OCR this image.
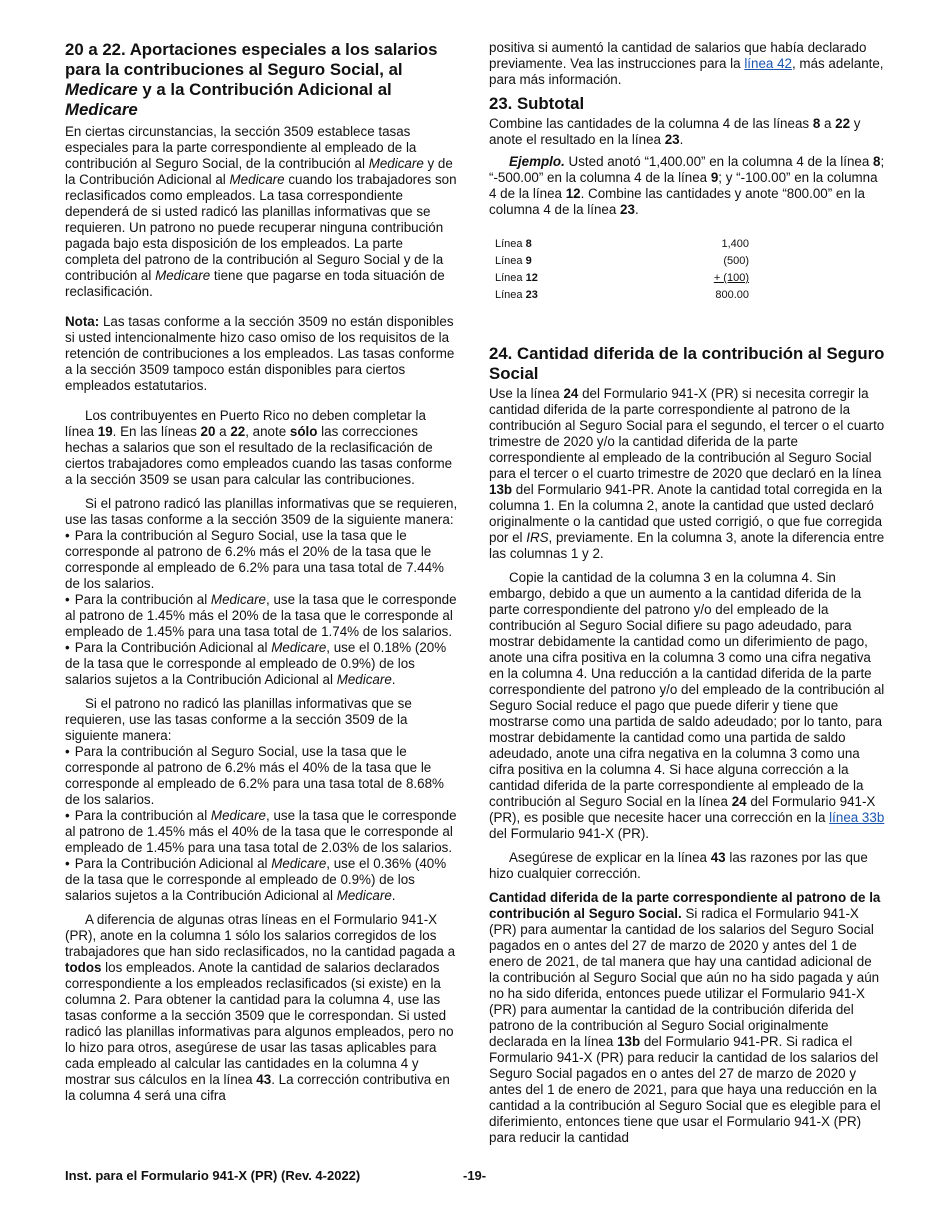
20 a 22. Aportaciones especiales a los salarios para la contribuciones al Seguro Social, al Medicare y a la Contribución Adicional al Medicare

En ciertas circunstancias, la sección 3509 establece tasas especiales para la parte correspondiente al empleado de la contribución al Seguro Social, de la contribución al Medicare y de la Contribución Adicional al Medicare cuando los trabajadores son reclasificados como empleados. La tasa correspondiente dependerá de si usted radicó las planillas informativas que se requieren. Un patrono no puede recuperar ninguna contribución pagada bajo esta disposición de los empleados. La parte completa del patrono de la contribución al Seguro Social y de la contribución al Medicare tiene que pagarse en toda situación de reclasificación.

Nota: Las tasas conforme a la sección 3509 no están disponibles si usted intencionalmente hizo caso omiso de los requisitos de la retención de contribuciones a los empleados. Las tasas conforme a la sección 3509 tampoco están disponibles para ciertos empleados estatutarios.

Los contribuyentes en Puerto Rico no deben completar la línea 19. En las líneas 20 a 22, anote sólo las correcciones hechas a salarios que son el resultado de la reclasificación de ciertos trabajadores como empleados cuando las tasas conforme a la sección 3509 se usan para calcular las contribuciones.

Si el patrono radicó las planillas informativas que se requieren, use las tasas conforme a la sección 3509 de la siguiente manera:

• Para la contribución al Seguro Social, use la tasa que le corresponde al patrono de 6.2% más el 20% de la tasa que le corresponde al empleado de 6.2% para una tasa total de 7.44% de los salarios.

• Para la contribución al Medicare, use la tasa que le corresponde al patrono de 1.45% más el 20% de la tasa que le corresponde al empleado de 1.45% para una tasa total de 1.74% de los salarios.

• Para la Contribución Adicional al Medicare, use el 0.18% (20% de la tasa que le corresponde al empleado de 0.9%) de los salarios sujetos a la Contribución Adicional al Medicare.

Si el patrono no radicó las planillas informativas que se requieren, use las tasas conforme a la sección 3509 de la siguiente manera:

• Para la contribución al Seguro Social, use la tasa que le corresponde al patrono de 6.2% más el 40% de la tasa que le corresponde al empleado de 6.2% para una tasa total de 8.68% de los salarios.

• Para la contribución al Medicare, use la tasa que le corresponde al patrono de 1.45% más el 40% de la tasa que le corresponde al empleado de 1.45% para una tasa total de 2.03% de los salarios.

• Para la Contribución Adicional al Medicare, use el 0.36% (40% de la tasa que le corresponde al empleado de 0.9%) de los salarios sujetos a la Contribución Adicional al Medicare.

A diferencia de algunas otras líneas en el Formulario 941-X (PR), anote en la columna 1 sólo los salarios corregidos de los trabajadores que han sido reclasificados, no la cantidad pagada a todos los empleados. Anote la cantidad de salarios declarados correspondiente a los empleados reclasificados (si existe) en la columna 2. Para obtener la cantidad para la columna 4, use las tasas conforme a la sección 3509 que le correspondan. Si usted radicó las planillas informativas para algunos empleados, pero no lo hizo para otros, asegúrese de usar las tasas aplicables para cada empleado al calcular las cantidades en la columna 4 y mostrar sus cálculos en la línea 43. La corrección contributiva en la columna 4 será una cifra

positiva si aumentó la cantidad de salarios que había declarado previamente. Vea las instrucciones para la línea 42, más adelante, para más información.

23. Subtotal

Combine las cantidades de la columna 4 de las líneas 8 a 22 y anote el resultado en la línea 23.

Ejemplo. Usted anotó “1,400.00” en la columna 4 de la línea 8; “-500.00” en la columna 4 de la línea 9; y “-100.00” en la columna 4 de la línea 12. Combine las cantidades y anote “800.00” en la columna 4 de la línea 23.

Línea 8	1,400
Línea 9	(500)
Línea 12	+ (100)
Línea 23	800.00
24. Cantidad diferida de la contribución al Seguro Social

Use la línea 24 del Formulario 941-X (PR) si necesita corregir la cantidad diferida de la parte correspondiente al patrono de la contribución al Seguro Social para el segundo, el tercer o el cuarto trimestre de 2020 y/o la cantidad diferida de la parte correspondiente al empleado de la contribución al Seguro Social para el tercer o el cuarto trimestre de 2020 que declaró en la línea 13b del Formulario 941-PR. Anote la cantidad total corregida en la columna 1. En la columna 2, anote la cantidad que usted declaró originalmente o la cantidad que usted corrigió, o que fue corregida por el IRS, previamente. En la columna 3, anote la diferencia entre las columnas 1 y 2.

Copie la cantidad de la columna 3 en la columna 4. Sin embargo, debido a que un aumento a la cantidad diferida de la parte correspondiente del patrono y/o del empleado de la contribución al Seguro Social difiere su pago adeudado, para mostrar debidamente la cantidad como un diferimiento de pago, anote una cifra positiva en la columna 3 como una cifra negativa en la columna 4. Una reducción a la cantidad diferida de la parte correspondiente del patrono y/o del empleado de la contribución al Seguro Social reduce el pago que puede diferir y tiene que mostrarse como una partida de saldo adeudado; por lo tanto, para mostrar debidamente la cantidad como una partida de saldo adeudado, anote una cifra negativa en la columna 3 como una cifra positiva en la columna 4. Si hace alguna corrección a la cantidad diferida de la parte correspondiente al empleado de la contribución al Seguro Social en la línea 24 del Formulario 941-X (PR), es posible que necesite hacer una corrección en la línea 33b del Formulario 941-X (PR).

Asegúrese de explicar en la línea 43 las razones por las que hizo cualquier corrección.

Cantidad diferida de la parte correspondiente al patrono de la contribución al Seguro Social. Si radica el Formulario 941-X (PR) para aumentar la cantidad de los salarios del Seguro Social pagados en o antes del 27 de marzo de 2020 y antes del 1 de enero de 2021, de tal manera que hay una cantidad adicional de la contribución al Seguro Social que aún no ha sido pagada y aún no ha sido diferida, entonces puede utilizar el Formulario 941-X (PR) para aumentar la cantidad de la contribución diferida del patrono de la contribución al Seguro Social originalmente declarada en la línea 13b del Formulario 941-PR. Si radica el Formulario 941-X (PR) para reducir la cantidad de los salarios del Seguro Social pagados en o antes del 27 de marzo de 2020 y antes del 1 de enero de 2021, para que haya una reducción en la cantidad a la contribución al Seguro Social que es elegible para el diferimiento, entonces tiene que usar el Formulario 941-X (PR) para reducir la cantidad

Inst. para el Formulario 941-X (PR) (Rev. 4-2022)	-19-
